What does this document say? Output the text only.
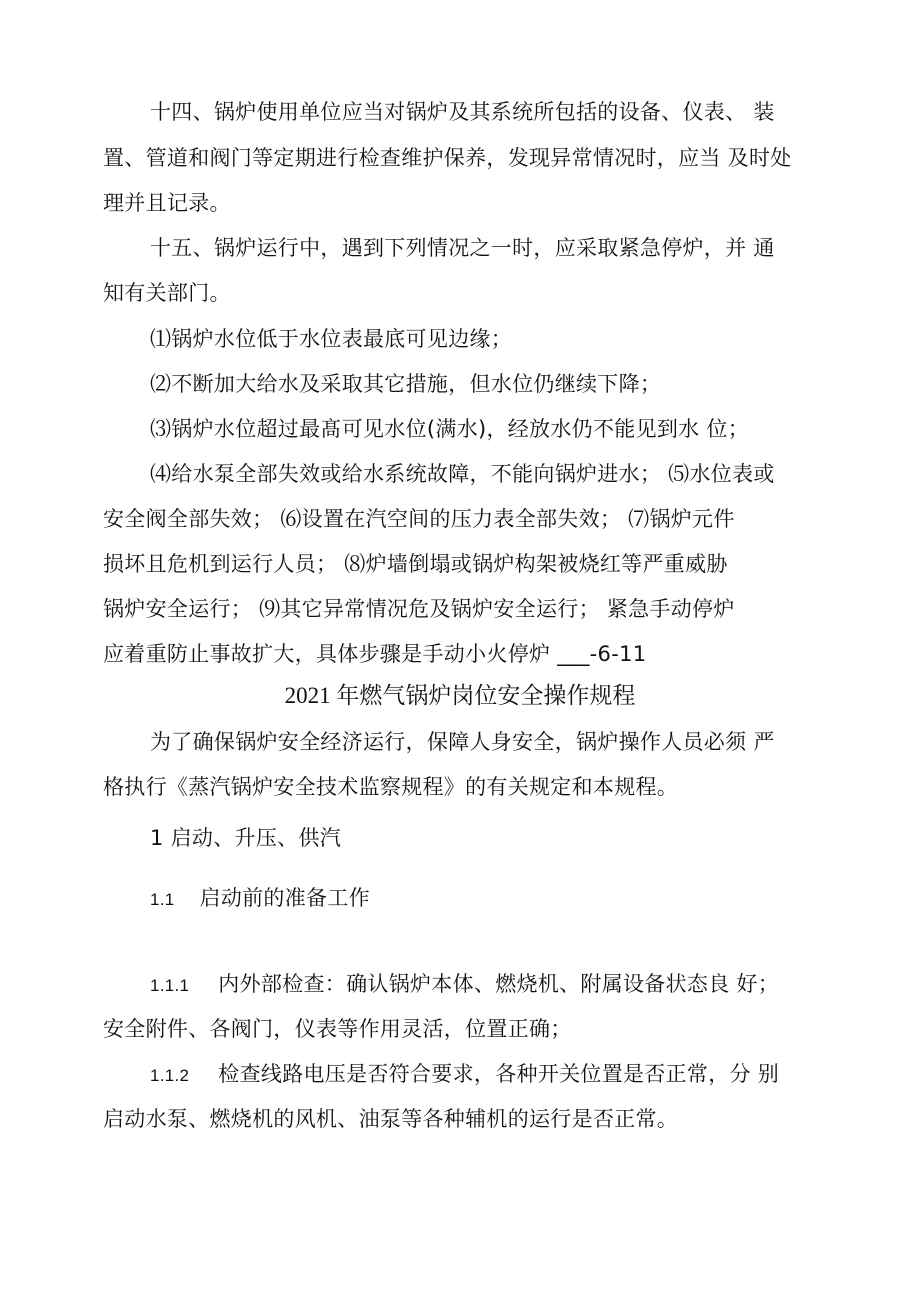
十四、锅炉使用单位应当对锅炉及其系统所包括的设备、仪表、 装
置、管道和阀门等定期进行检查维护保养，发现异常情况时，应当 及时处
理并且记录。
十五、锅炉运行中，遇到下列情况之一时，应采取紧急停炉，并 通
知有关部门。
⑴锅炉水位低于水位表最底可见边缘；
⑵不断加大给水及采取其它措施，但水位仍继续下降；
⑶锅炉水位超过最髙可见水位(满水)，经放水仍不能见到水 位；
⑷给水泵全部失效或给水系统故障，不能向锅炉进水； ⑸水位表或
安全阀全部失效； ⑹设置在汽空间的压力表全部失效； ⑺锅炉元件
损坏且危机到运行人员； ⑻炉墙倒塌或锅炉构架被烧红等严重威胁
锅炉安全运行； ⑼其它异常情况危及锅炉安全运行； 紧急手动停炉
应着重防止事故扩大，具体步骤是手动小火停炉 ___-6-11
2021 年燃气锅炉岗位安全操作规程
为了确保锅炉安全经济运行，保障人身安全，锅炉操作人员必须 严
格执行《蒸汽锅炉安全技术监察规程》的有关规定和本规程。
1 启动、升压、供汽
1.1 启动前的准备工作
1.1.1 内外部检查：确认锅炉本体、燃烧机、附属设备状态良 好；
安全附件、各阀门，仪表等作用灵活，位置正确；
1.1.2 检查线路电压是否符合要求，各种开关位置是否正常，分 别
启动水泵、燃烧机的风机、油泵等各种辅机的运行是否正常。
